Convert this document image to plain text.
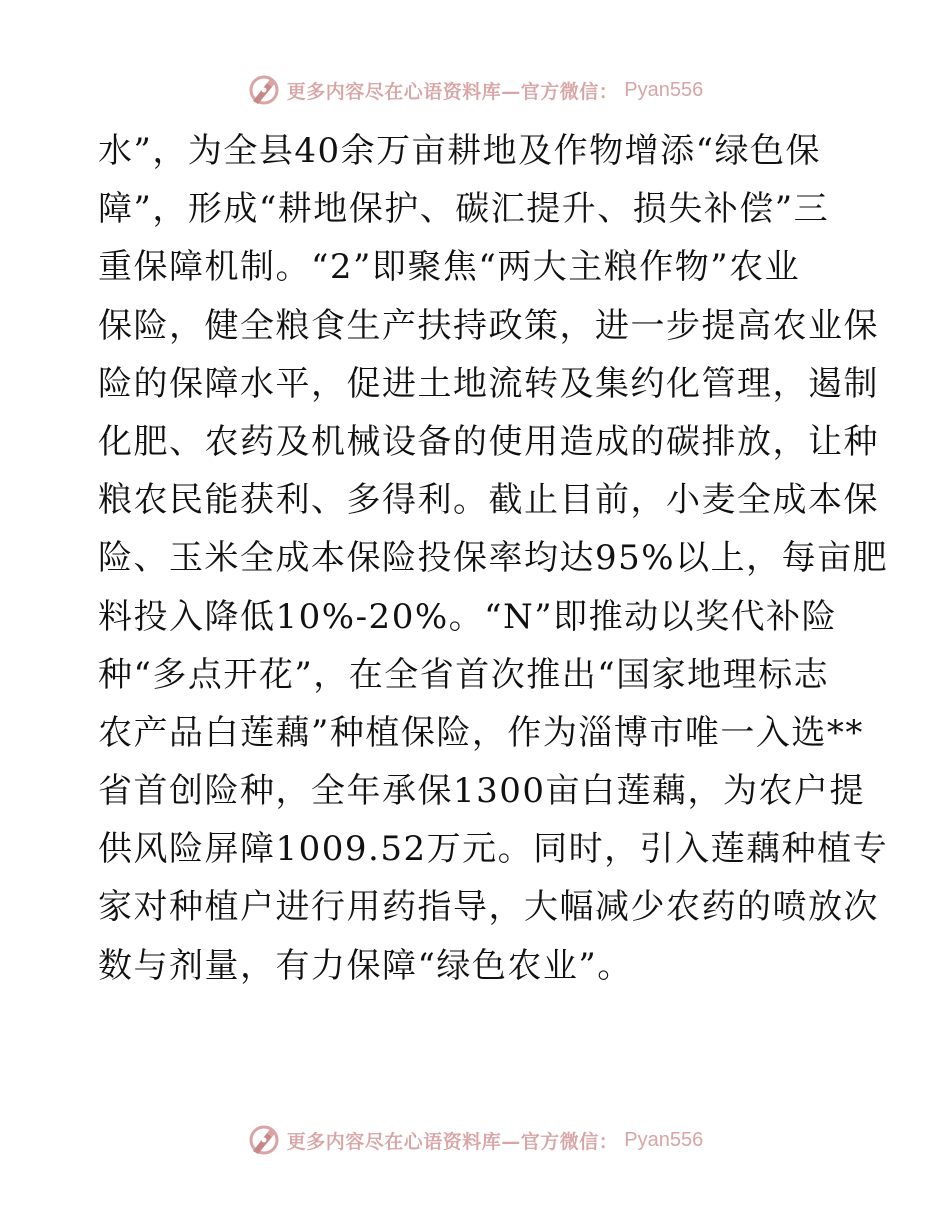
更多内容尽在心语资料库—官方微信： Pyan556
水”，为全县40余万亩耕地及作物增添“绿色保
障”，形成“耕地保护、碳汇提升、损失补偿”三
重保障机制。“2”即聚焦“两大主粮作物”农业
保险，健全粮食生产扶持政策，进一步提高农业保
险的保障水平，促进土地流转及集约化管理，遏制
化肥、农药及机械设备的使用造成的碳排放，让种
粮农民能获利、多得利。截止目前，小麦全成本保
险、玉米全成本保险投保率均达95%以上，每亩肥
料投入降低10%-20%。“N”即推动以奖代补险
种“多点开花”，在全省首次推出“国家地理标志
农产品白莲藕”种植保险，作为淄博市唯一入选**
省首创险种，全年承保1300亩白莲藕，为农户提
供风险屏障1009.52万元。同时，引入莲藕种植专
家对种植户进行用药指导，大幅减少农药的喷放次
数与剂量，有力保障“绿色农业”。
更多内容尽在心语资料库—官方微信： Pyan556
